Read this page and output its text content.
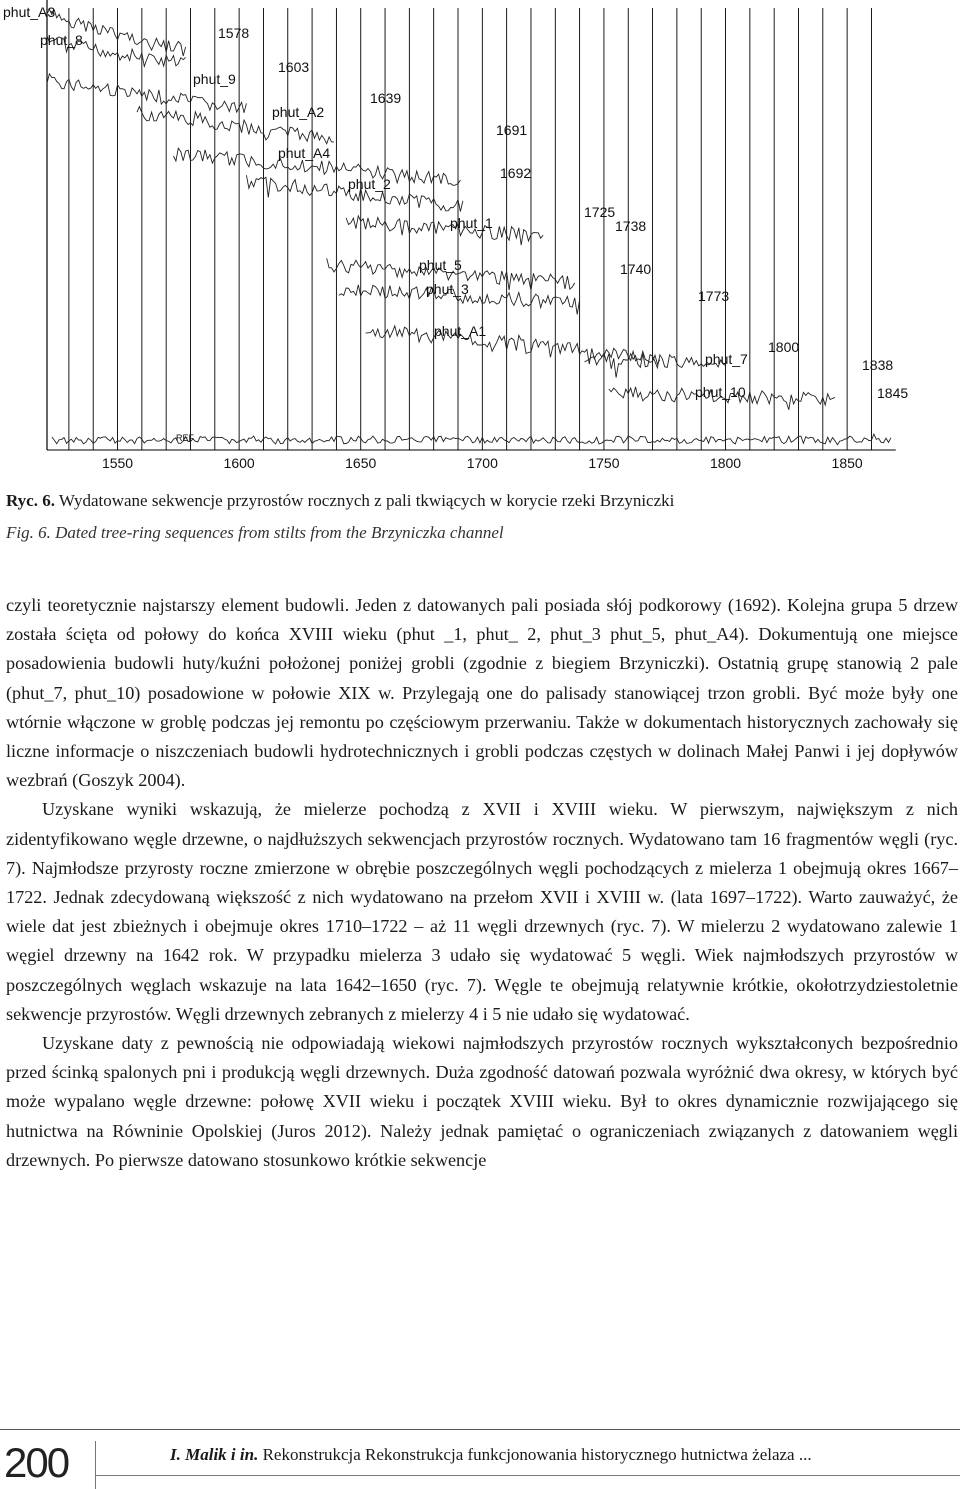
1550	1600	1650	1700	1750	1800	1850
phut_A3
phut_8	1578
phut_9
1603
phut_A2
1639
phut_A4
1691
phut_2
1692
phut_1
1725
phut_5
1738
phut_3
1740
phut_A1
1773
phut_7
1800
phut_10	1845
REF
1838
Ryc. 6. Wydatowane sekwencje przyrostów rocznych z pali tkwiących w korycie rzeki Brzyniczki
Fig. 6. Dated tree-ring sequences from stilts from the Brzyniczka channel

czyli teoretycznie najstarszy element budowli. Jeden z datowanych pali posiada słój podkorowy (1692). Kolejna grupa 5 drzew została ścięta od połowy do końca XVIII wieku (phut _1, phut_ 2, phut_3 phut_5, phut_A4). Dokumentują one miejsce posadowienia budowli huty/kuźni położonej poniżej grobli (zgodnie z biegiem Brzyniczki). Ostatnią grupę stanowią 2 pale (phut_7, phut_10) posadowione w połowie XIX w. Przylegają one do palisady stanowiącej trzon grobli. Być może były one wtórnie włączone w groblę podczas jej remontu po częściowym przerwaniu. Także w dokumentach historycznych zachowały się liczne informacje o niszczeniach budowli hydrotechnicznych i grobli podczas częstych w dolinach Małej Panwi i jej dopływów wezbrań (Goszyk 2004).

Uzyskane wyniki wskazują, że mielerze pochodzą z XVII i XVIII wieku. W pierwszym, największym z nich zidentyfikowano węgle drzewne, o najdłuższych sekwencjach przyrostów rocznych. Wydatowano tam 16 fragmentów węgli (ryc. 7). Najmłodsze przyrosty roczne zmierzone w obrębie poszczególnych węgli pochodzących z mielerza 1 obejmują okres 1667–1722. Jednak zdecydowaną większość z nich wydatowano na przełom XVII i XVIII w. (lata 1697–1722). Warto zauważyć, że wiele dat jest zbieżnych i obejmuje okres 1710–1722 – aż 11 węgli drzewnych (ryc. 7). W mielerzu 2 wydatowano zalewie 1 węgiel drzewny na 1642 rok. W przypadku mielerza 3 udało się wydatować 5 węgli. Wiek najmłodszych przyrostów w poszczególnych węglach wskazuje na lata 1642–1650 (ryc. 7). Węgle te obejmują relatywnie krótkie, okołotrzydziestoletnie sekwencje przyrostów. Węgli drzewnych zebranych z mielerzy 4 i 5 nie udało się wydatować.

Uzyskane daty z pewnością nie odpowiadają wiekowi najmłodszych przyrostów rocznych wykształconych bezpośrednio przed ścinką spalonych pni i produkcją węgli drzewnych. Duża zgodność datowań pozwala wyróżnić dwa okresy, w których być może wypalano węgle drzewne: połowę XVII wieku i początek XVIII wieku. Był to okres dynamicznie rozwijającego się hutnictwa na Równinie Opolskiej (Juros 2012). Należy jednak pamiętać o ograniczeniach związanych z datowaniem węgli drzewnych. Po pierwsze datowano stosunkowo krótkie sekwencje

200	I. Malik i in. Rekonstrukcja Rekonstrukcja funkcjonowania historycznego hutnictwa żelaza ...
